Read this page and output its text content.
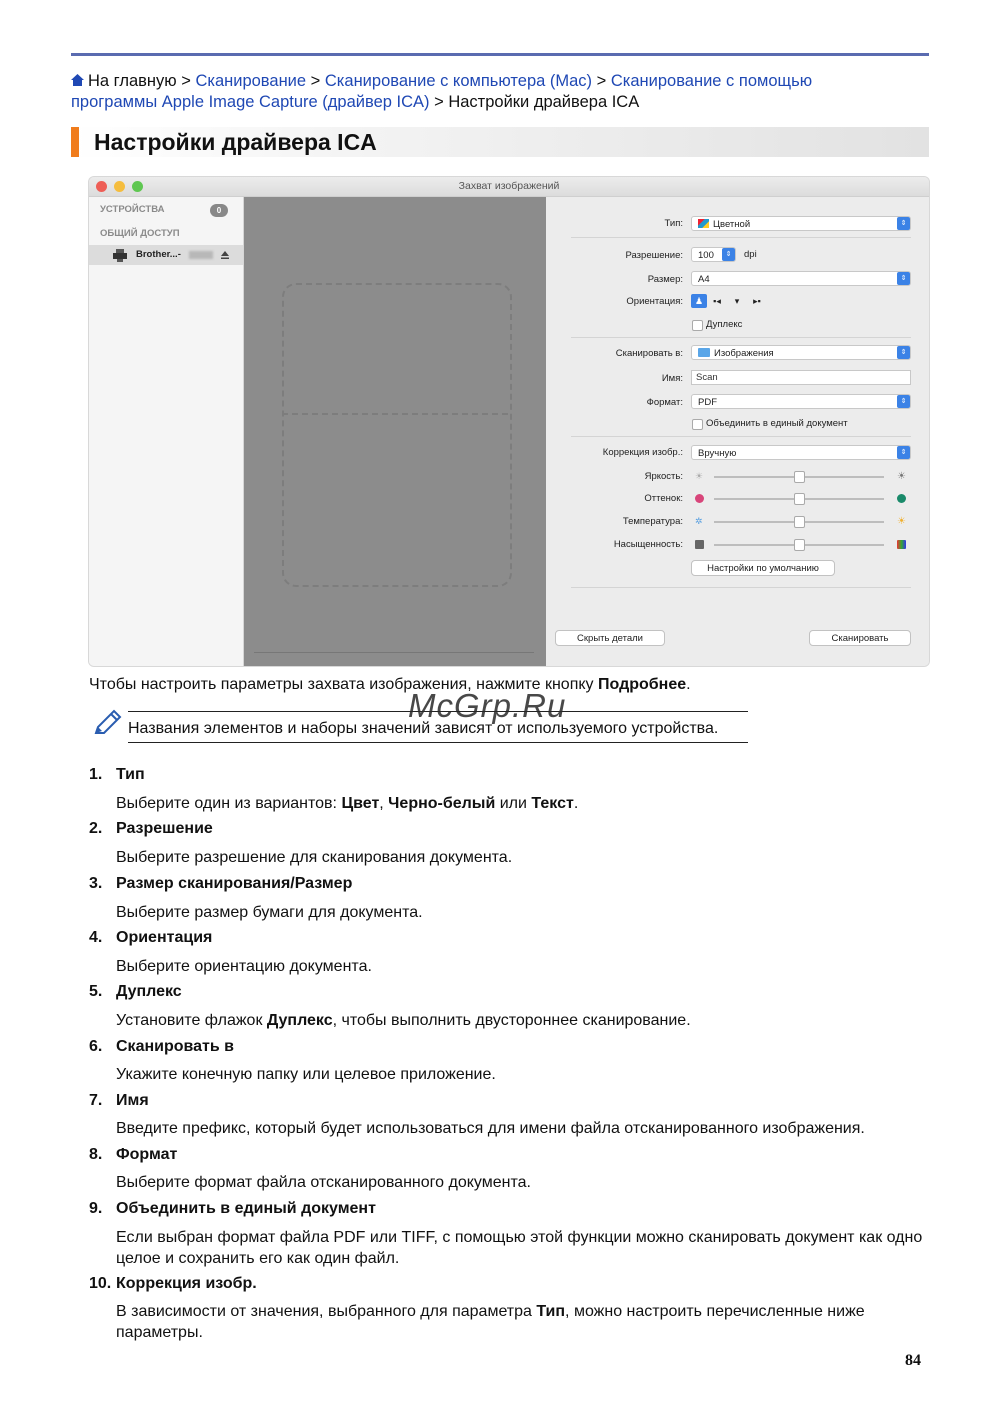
На главную > Сканирование > Сканирование с компьютера (Mac) > Сканирование с помощью
программы Apple Image Capture (драйвер ICA) > Настройки драйвера ICA
Настройки драйвера ICA
Захват изображений
УСТРОЙСТВА	0
ОБЩИЙ ДОСТУП
Brother...-
Тип:	Цветной	⇕
Разрешение:	100	⇕	dpi
Размер:	A4	⇕
Ориентация:	♟	▪◂	▾	▸▪
Дуплекс
Сканировать в:	Изображения	⇕
Имя:	Scan
Формат:	PDF	⇕
Объединить в единый документ
Коррекция изобр.:	Вручную	⇕
Яркость: ☀	☀
Оттенок:
Температура: ✲	☀
Насыщенность:
Настройки по умолчанию
Скрыть детали	Сканировать
Чтобы настроить параметры захвата изображения, нажмите кнопку Подробнее.
Названия элементов и наборы значений зависят от используемого устройства.
McGrp.Ru
1. Тип
Выберите один из вариантов: Цвет, Черно-белый или Текст.
2. Разрешение
Выберите разрешение для сканирования документа.
3. Размер сканирования/Размер
Выберите размер бумаги для документа.
4. Ориентация
Выберите ориентацию документа.
5. Дуплекс
Установите флажок Дуплекс, чтобы выполнить двустороннее сканирование.
6. Сканировать в
Укажите конечную папку или целевое приложение.
7. Имя
Введите префикс, который будет использоваться для имени файла отсканированного изображения.
8. Формат
Выберите формат файла отсканированного документа.
9. Объединить в единый документ
Если выбран формат файла PDF или TIFF, с помощью этой функции можно сканировать документ как одно целое и сохранить его как один файл.
10. Коррекция изобр.
В зависимости от значения, выбранного для параметра Тип, можно настроить перечисленные ниже параметры.
84
